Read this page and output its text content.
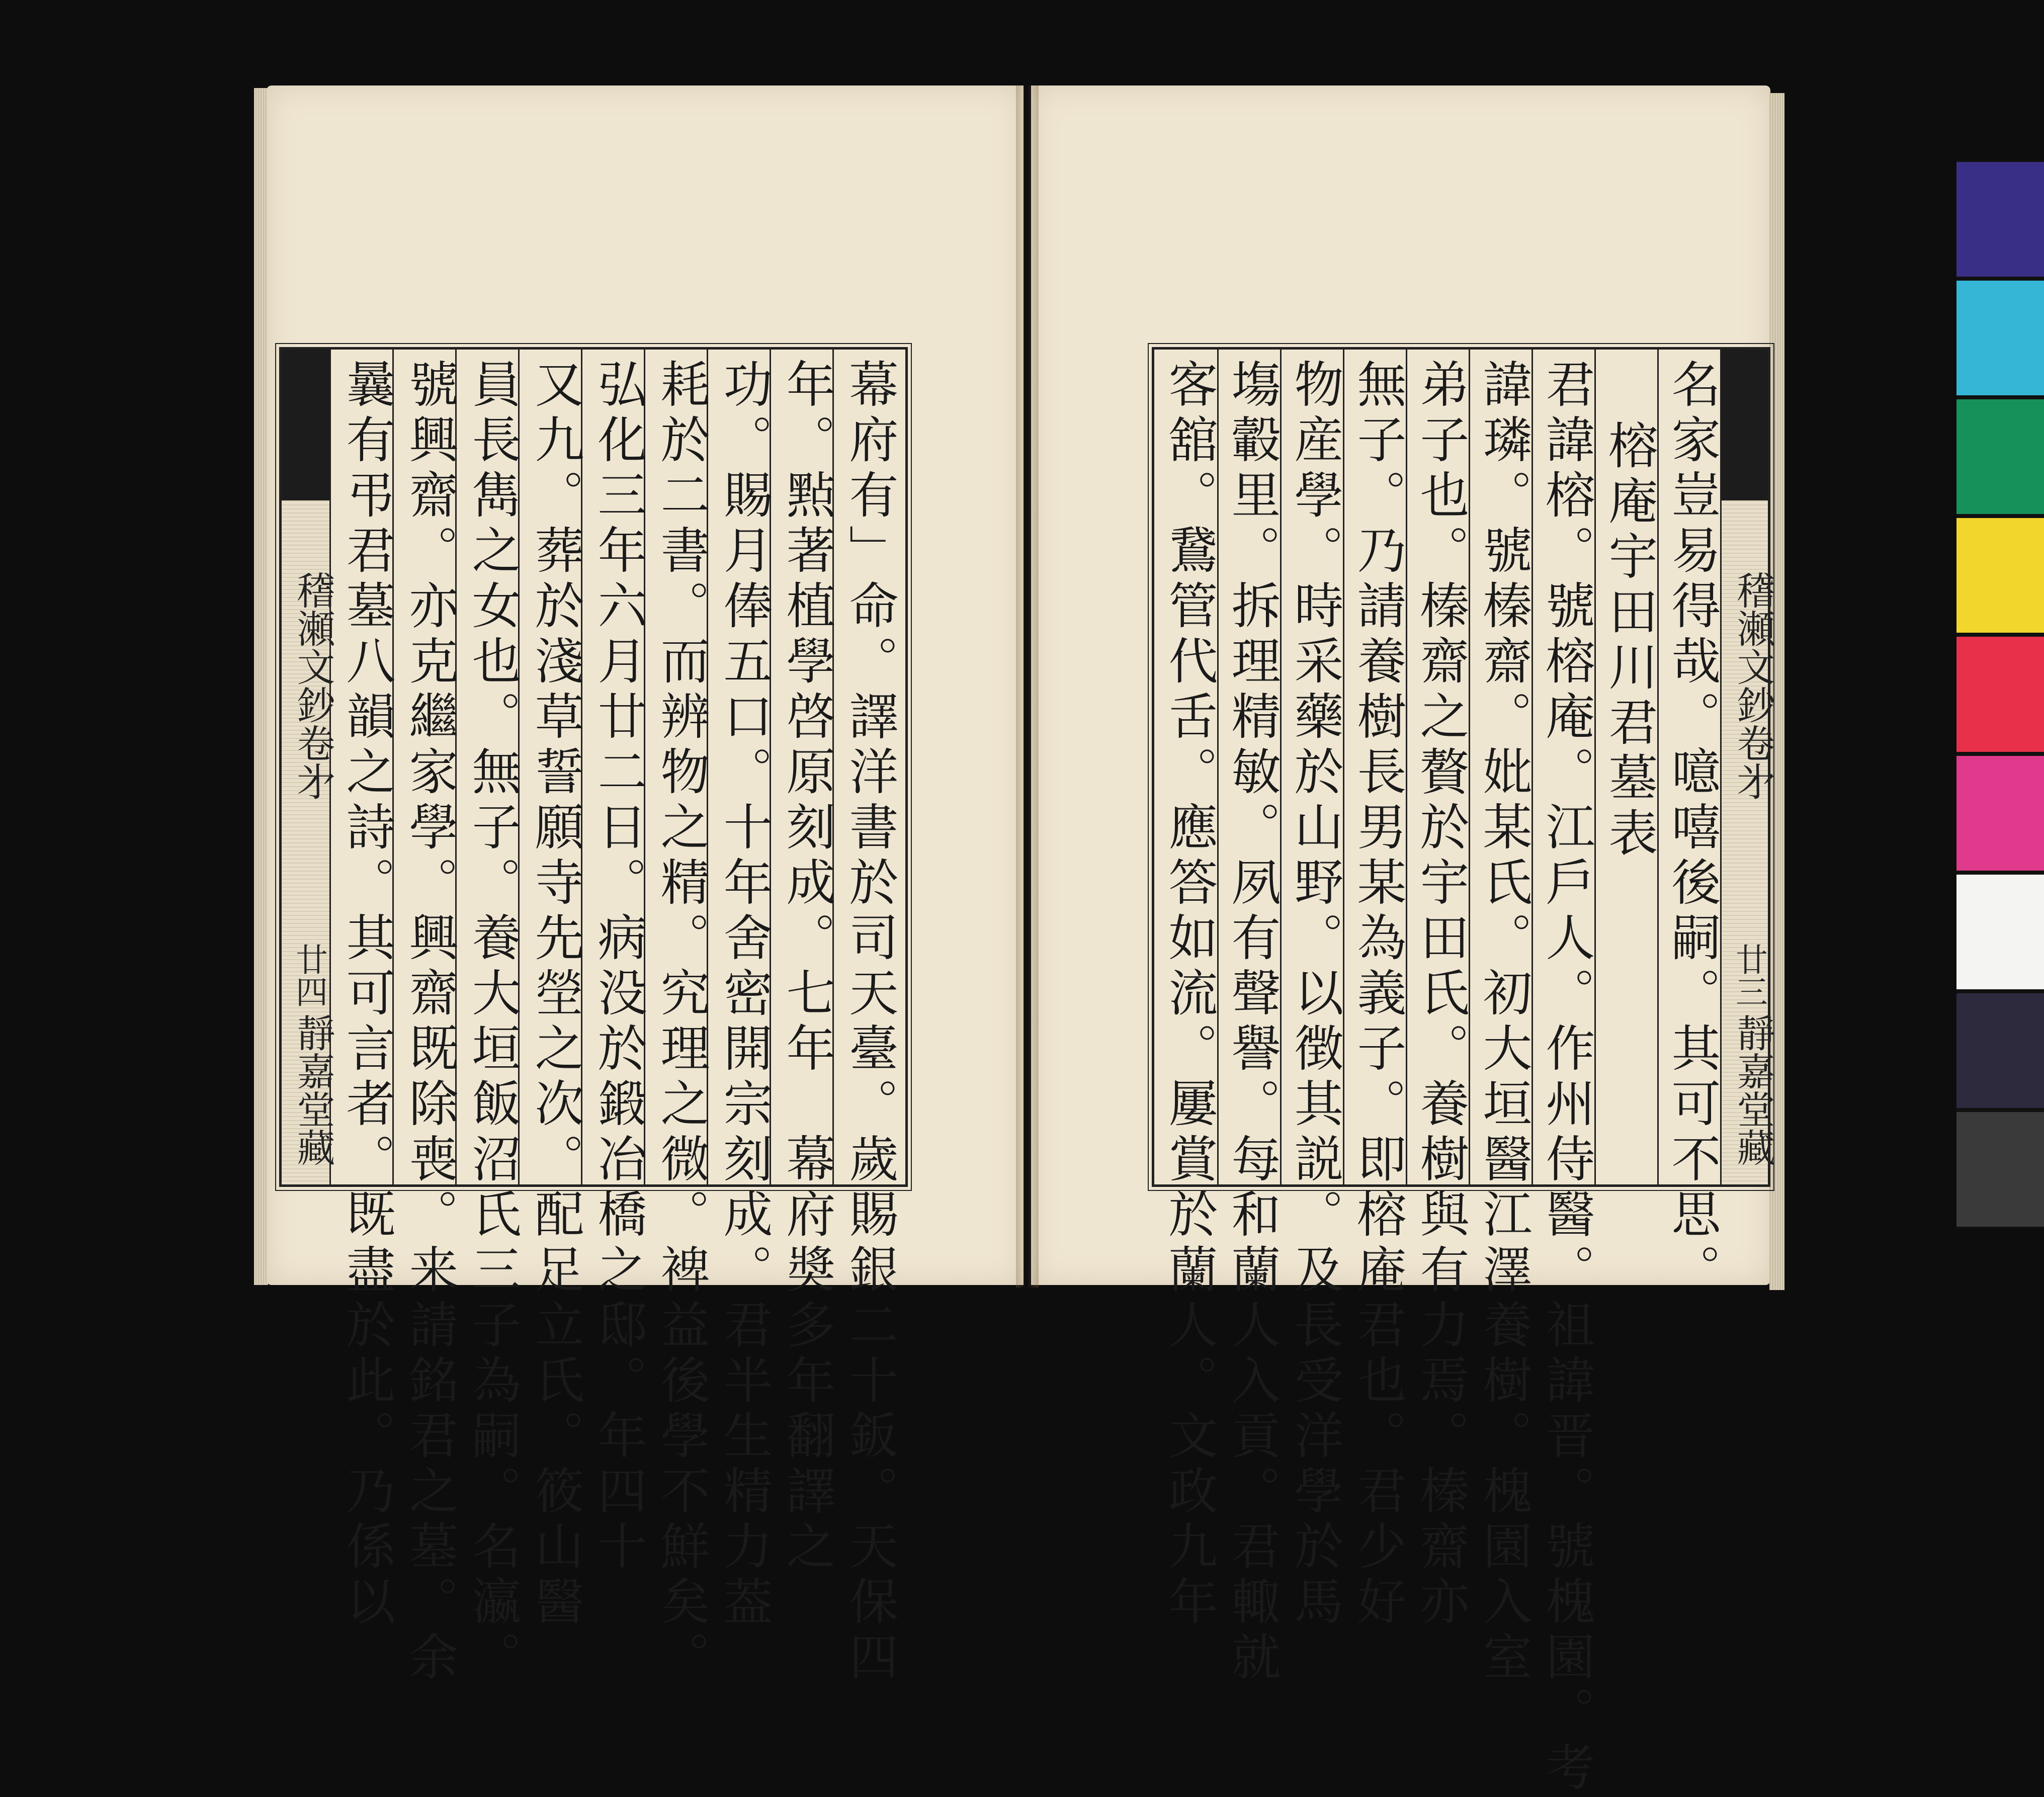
𥡴瀬文鈔卷㐧
廿四
靜嘉堂藏	幕府有」命。譯洋書於司天臺。歲賜銀二十鈑。天保四
年。㸃著植學啓原刻成。七年　幕府奬多年翻譯之
功。賜月俸五口。十年舍密開宗刻成。君半生精力葢
耗於二書。而辨物之精。究理之微。裨益後學不鮮矣。
弘化三年六月廿二日。病没於鍛冶橋之邸。年四十
又九。葬於淺草誓願寺先塋之次。配足立氏。筱山醫
員長雋之女也。無子。養大垣飯沼氏三子為嗣。名瀛。
號興齋。亦克繼家學。興齋既除喪。来請銘君之墓。余
曩有弔君墓八韻之詩。其可言者。既盡於此。乃係以	𥡴瀬文鈔卷㐧
廿三
靜嘉堂藏
名家豈易得哉。噫嘻後嗣。其可不思。
榕庵宇田川君墓表
君諱榕。號榕庵。江戶人。作州侍醫。祖諱晋。號槐園。考
諱璘。號榛齋。妣某氏。初大垣醫江澤養樹。槐園入室
弟子也。榛齋之贅於宇田氏。養樹與有力焉。榛齋亦
無子。乃請養樹長男某為義子。即榕庵君也。君少好
物産學。時采藥於山野。以徴其説。及長受洋學於馬
塲轂里。拆理精敏。夙有聲譽。每和蘭人入貢。君輙就
客舘。鵞管代舌。應答如流。屢賞於蘭人。文政九年
